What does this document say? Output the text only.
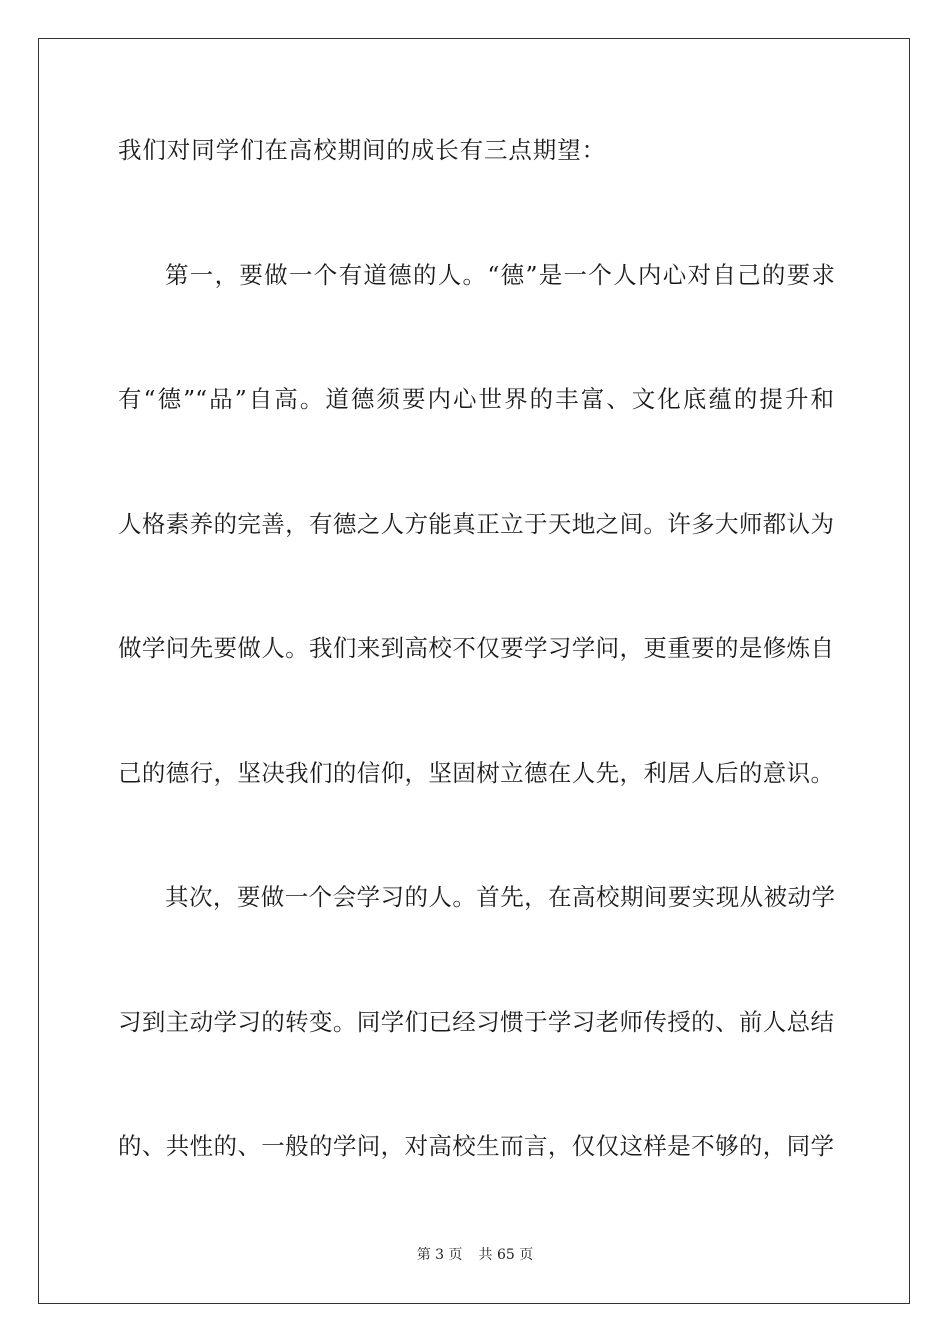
我们对同学们在高校期间的成长有三点期望：
第一，要做一个有道德的人。“德”是一个人内心对自己的要求
有“德”“品”自高。道德须要内心世界的丰富、文化底蕴的提升和
人格素养的完善，有德之人方能真正立于天地之间。许多大师都认为
做学问先要做人。我们来到高校不仅要学习学问，更重要的是修炼自
己的德行，坚决我们的信仰，坚固树立德在人先，利居人后的意识。
其次，要做一个会学习的人。首先，在高校期间要实现从被动学
习到主动学习的转变。同学们已经习惯于学习老师传授的、前人总结
的、共性的、一般的学问，对高校生而言，仅仅这样是不够的，同学
第 3 页 共 65 页
